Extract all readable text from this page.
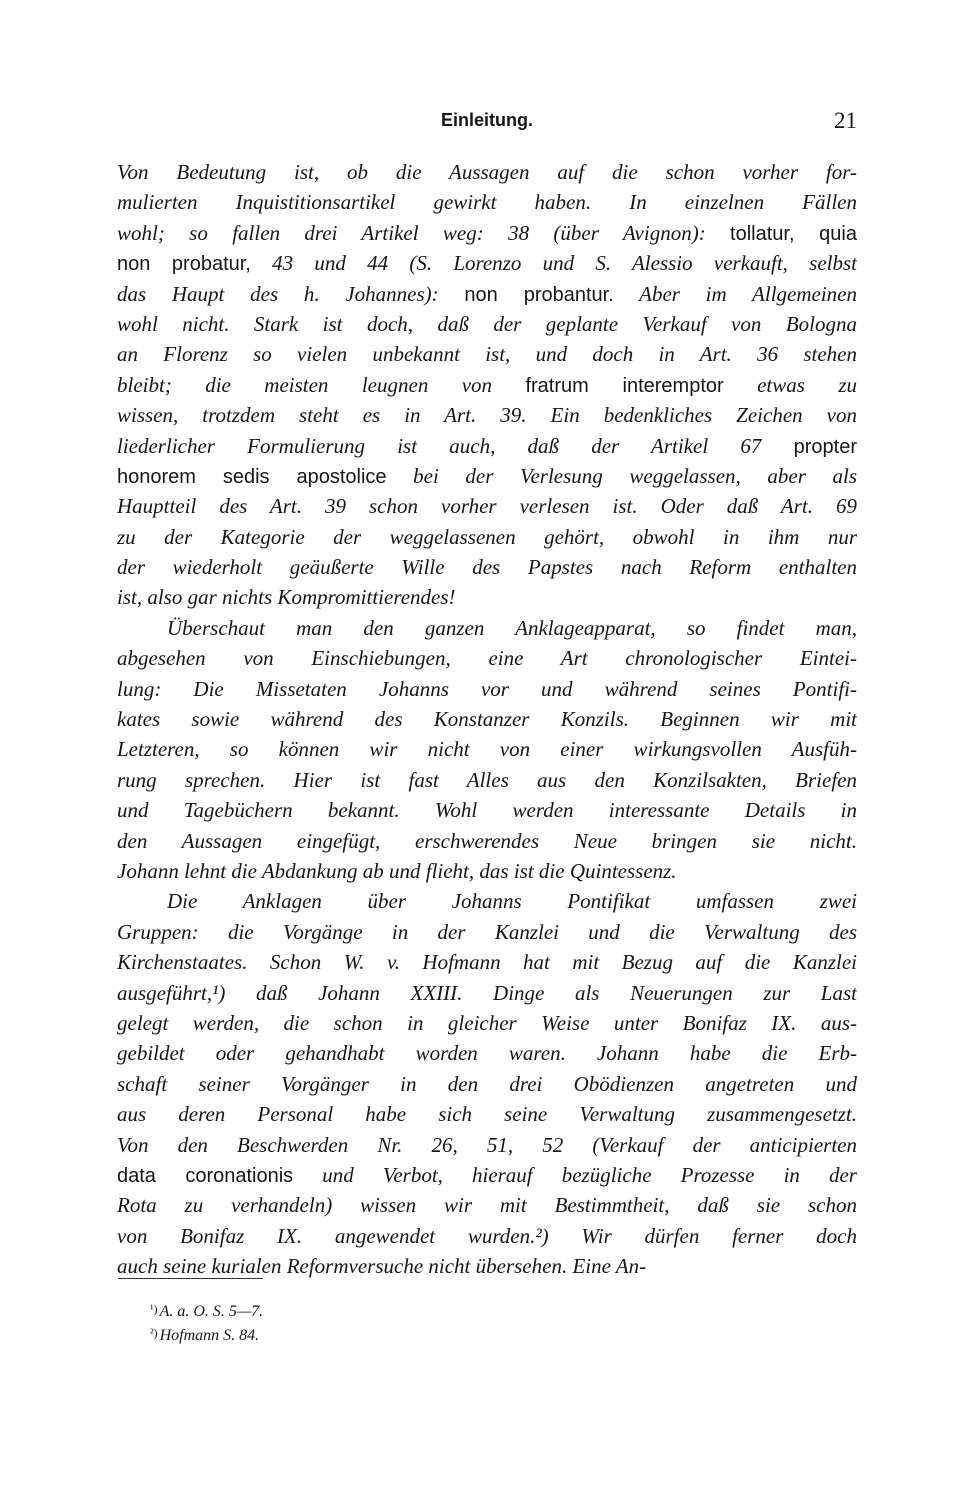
Einleitung.	21
Von Bedeutung ist, ob die Aussagen auf die schon vorher for-
mulierten Inquistitionsartikel gewirkt haben. In einzelnen Fällen
wohl; so fallen drei Artikel weg: 38 (über Avignon): tollatur, quia
non probatur, 43 und 44 (S. Lorenzo und S. Alessio verkauft, selbst
das Haupt des h. Johannes): non probantur. Aber im Allgemeinen
wohl nicht. Stark ist doch, daß der geplante Verkauf von Bologna
an Florenz so vielen unbekannt ist, und doch in Art. 36 stehen
bleibt; die meisten leugnen von fratrum interemptor etwas zu
wissen, trotzdem steht es in Art. 39. Ein bedenkliches Zeichen von
liederlicher Formulierung ist auch, daß der Artikel 67 propter
honorem sedis apostolice bei der Verlesung weggelassen, aber als
Hauptteil des Art. 39 schon vorher verlesen ist. Oder daß Art. 69
zu der Kategorie der weggelassenen gehört, obwohl in ihm nur
der wiederholt geäußerte Wille des Papstes nach Reform enthalten
ist, also gar nichts Kompromittierendes!
Überschaut man den ganzen Anklageapparat, so findet man,
abgesehen von Einschiebungen, eine Art chronologischer Eintei-
lung: Die Missetaten Johanns vor und während seines Pontifi-
kates sowie während des Konstanzer Konzils. Beginnen wir mit
Letzteren, so können wir nicht von einer wirkungsvollen Ausfüh-
rung sprechen. Hier ist fast Alles aus den Konzilsakten, Briefen
und Tagebüchern bekannt. Wohl werden interessante Details in
den Aussagen eingefügt, erschwerendes Neue bringen sie nicht.
Johann lehnt die Abdankung ab und flieht, das ist die Quintessenz.
Die Anklagen über Johanns Pontifikat umfassen zwei
Gruppen: die Vorgänge in der Kanzlei und die Verwaltung des
Kirchenstaates. Schon W. v. Hofmann hat mit Bezug auf die Kanzlei
ausgeführt,¹) daß Johann XXIII. Dinge als Neuerungen zur Last
gelegt werden, die schon in gleicher Weise unter Bonifaz IX. aus-
gebildet oder gehandhabt worden waren. Johann habe die Erb-
schaft seiner Vorgänger in den drei Obödienzen angetreten und
aus deren Personal habe sich seine Verwaltung zusammengesetzt.
Von den Beschwerden Nr. 26, 51, 52 (Verkauf der anticipierten
data coronationis und Verbot, hierauf bezügliche Prozesse in der
Rota zu verhandeln) wissen wir mit Bestimmtheit, daß sie schon
von Bonifaz IX. angewendet wurden.²) Wir dürfen ferner doch
auch seine kurialen Reformversuche nicht übersehen. Eine An-
$^{^1)}$ A. a. O. S. 5—7.
$^{^2)}$ Hofmann S. 84.
